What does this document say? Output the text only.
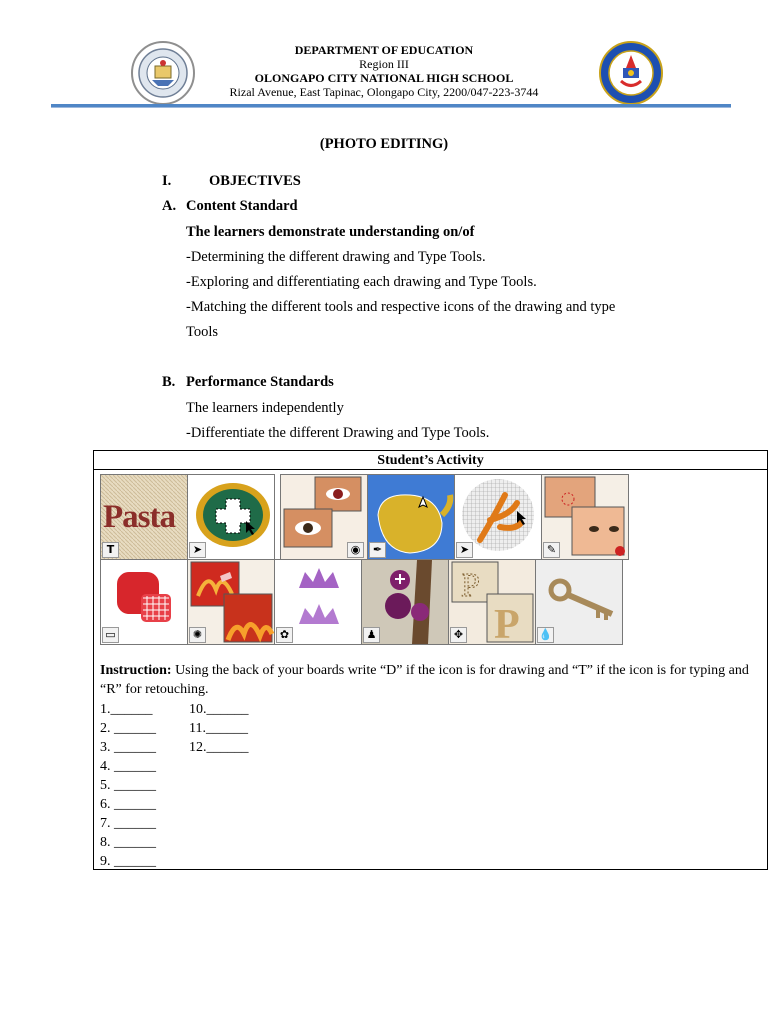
DEPARTMENT OF EDUCATION
Region III
OLONGAPO CITY NATIONAL HIGH SCHOOL
Rizal Avenue, East Tapinac, Olongapo City, 2200/047-223-3744
(PHOTO EDITING)
I.	OBJECTIVES
A. Content Standard
The learners demonstrate understanding on/of
-Determining the different drawing and Type Tools.
-Exploring and differentiating each drawing and Type Tools.
-Matching the different tools and respective icons of the drawing and type
Tools
B. Performance Standards
The learners independently
-Differentiate the different Drawing and Type Tools.
Student’s Activity
Pasta
T	➤	◉	✒	➤	✎
▭	✺	✿	♟
P
P
✥	💧
Instruction: Using the back of your boards write “D” if the icon is for drawing and “T” if the icon is for typing and “R” for retouching.
1.______
2. ______
3. ______
4. ______
5. ______
6. ______
7. ______
8. ______
9. ______
10.______
11.______
12.______
